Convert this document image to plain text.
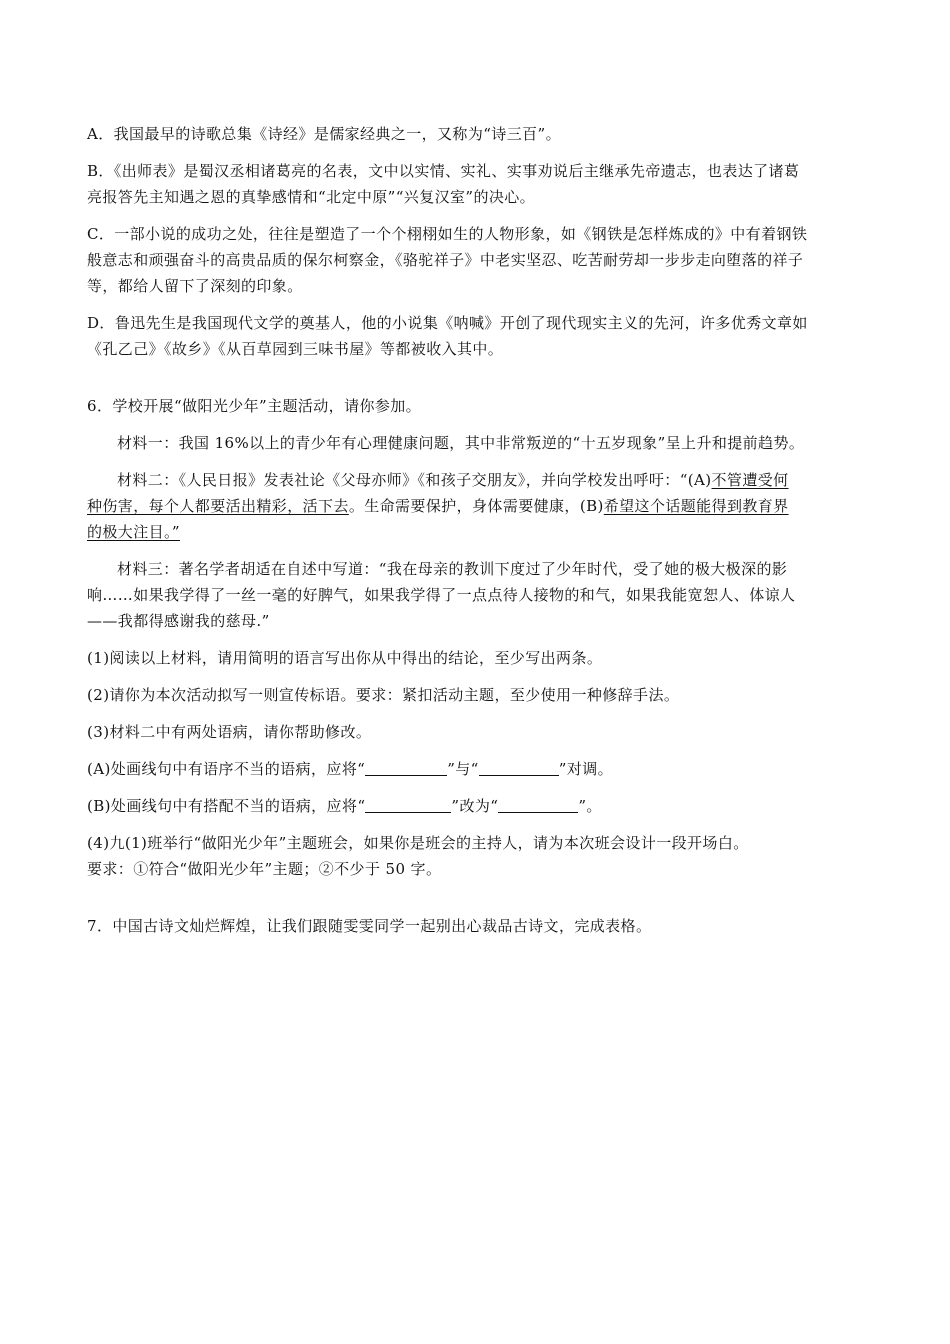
A．我国最早的诗歌总集《诗经》是儒家经典之一，又称为“诗三百”。

B．《出师表》是蜀汉丞相诸葛亮的名表，文中以实情、实礼、实事劝说后主继承先帝遗志，也表达了诸葛

亮报答先主知遇之恩的真挚感情和“北定中原”“兴复汉室”的决心。

C．一部小说的成功之处，往往是塑造了一个个栩栩如生的人物形象，如《钢铁是怎样炼成的》中有着钢铁

般意志和顽强奋斗的高贵品质的保尔柯察金，《骆驼祥子》中老实坚忍、吃苦耐劳却一步步走向堕落的祥子

等，都给人留下了深刻的印象。

D．鲁迅先生是我国现代文学的奠基人，他的小说集《呐喊》开创了现代现实主义的先河，许多优秀文章如

《孔乙己》《故乡》《从百草园到三味书屋》等都被收入其中。

6．学校开展“做阳光少年”主题活动，请你参加。

材料一：我国 16%以上的青少年有心理健康问题，其中非常叛逆的“十五岁现象”呈上升和提前趋势。

材料二：《人民日报》发表社论《父母亦师》《和孩子交朋友》，并向学校发出呼吁：“(A)不管遭受何

种伤害，每个人都要活出精彩，活下去。生命需要保护，身体需要健康，(B)希望这个话题能得到教育界

的极大注目。”

材料三：著名学者胡适在自述中写道：“我在母亲的教训下度过了少年时代，受了她的极大极深的影

响……如果我学得了一丝一毫的好脾气，如果我学得了一点点待人接物的和气，如果我能宽恕人、体谅人

——我都得感谢我的慈母.”

(1)阅读以上材料，请用简明的语言写出你从中得出的结论，至少写出两条。

(2)请你为本次活动拟写一则宣传标语。要求：紧扣活动主题，至少使用一种修辞手法。

(3)材料二中有两处语病，请你帮助修改。

(A)处画线句中有语序不当的语病，应将“	”与“	”对调。

(B)处画线句中有搭配不当的语病，应将“	”改为“	”。

(4)九(1)班举行“做阳光少年”主题班会，如果你是班会的主持人，请为本次班会设计一段开场白。

要求：①符合“做阳光少年”主题；②不少于 50 字。

7．中国古诗文灿烂辉煌，让我们跟随雯雯同学一起别出心裁品古诗文，完成表格。
